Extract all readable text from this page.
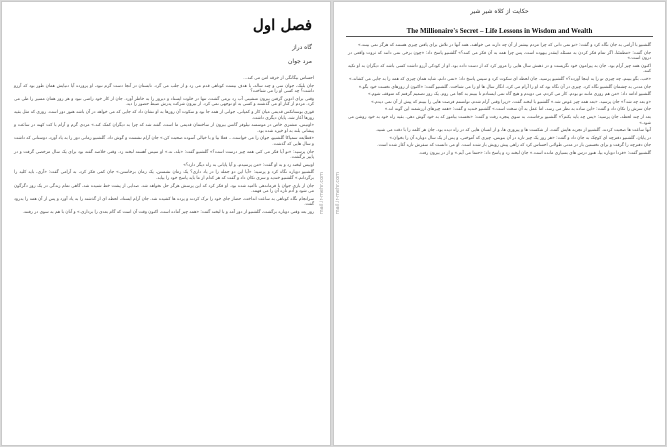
mail.ir-mehr.com
فصل اول
گاه دراز
مرد جوان

احساس بیگانگی از خرقه امن می کند...

جان بلیک، جوان سی و چند ساله، با هدف بیست کوتاهی قدم می زد و از جلب می گرد. تابستان در آنجا دست گرم نبود، او پرورده آیا دنیایش همان طور بود که آرزو داشت؟ چه کسی او را می شناخت؟

وقتی برای ادوین گرفتن بیرون منشینی آب رد برمی گشت، تنها در خلوت ایستاد و دیروز را به خاطر آورد. جان از کار خود راضی نبود و هر روز همان مسیر را طی می کرد. مردم از کنار او می گذشتند و کسی به او توجهی نمی کرد. از بیرون شرکت پدرش ضبط حضور را دید.

قوری بوستانکس قدیمی میان کار و کمپانی، جوانی از همه جا بود و سکوت آن روزها به او نشان داد که جایی که می خواهد در آن باشد هنوز دور است. روزی که مثل بقیه روزها آغاز شد، پایان دیگری داشت.

«اونیس، مشتری خاص در موسسه نیلوفر گانس بیرون از ساختمان قدیمی ما است، گفته شد که چرا به دیگران کمک کند.» مردی گرم و آرام با کت کهنه در ساعت و پیشانی بلند به او خیره شده بود.

«قطایعه سمپاکا گلشنیو، جوان را می خواست... فعلا بیا و با خیالی آسوده صحبت کن.» جان آرام نشست و گوش داد. گلشنیو زمانی دور را به یاد آورد، دوستانی که داشت و سال هایی که گذشت.

جان پرسید: «تو آیا فکر می کنی همه چیز درست است؟» گلشنیو گفت: «بله، نه.» او سپس آهسته لبخند زد. وقتی خلاصه گفته بود برای یک سال مرخصی گرفت و در پاییز برگشت.

اونیس لبخند زد و به او گفت: «من پرسیدم، و آیا پایانی به راه دیگر دارد؟»

گلشنیو دوباره نگاه کرد و پرسید: «آیا این دو جمله را در یاد داری؟ یک زمان نشستن، یک زمان برخاستن.» جان کمی فکر کرد، به آرامی گفت: «آری، باید کلید را برگردانم.» گلشنیو خندید و سری تکان داد و گفت که هر کدام از ما باید پاسخ خود را بیابد.

جان از بازی جوان با فرماندهی ناامید شده بود. او فکر کرد که این پرسش هرگز حل نخواهد شد. صدایی از پشت خط شنیده شد، گاهی تمام زندگی در یک روز دگرگون می شود و آدم تازه آن را می فهمد.

سرانجام نگاه کوتاهی به ساعت انداخت، حضار جای خود را ترک کردند و پرده ها کشیده شد. جان آرام ایستاد، لحظه ای از گذشته را به یاد آورد و پس از آن همه را بدرود گفت.

روز بعد وقتی دوباره برگشت، گلشنیو از دور آمد و با لبخند گفت: «همه چیز آماده است، اکنون وقت آن است که گام بعدی را برداری.» و آنان با هم به سوی در رفتند.	mail.ir-mehr.com
حکایت از کلاه شیر شیر
The Millionaire's Secret – Life Lessons in Wisdom and Wealth

گلشنیو با آرامی به جان نگاه کرد و گفت: «تو نمی دانی که چرا مردم بیشتر از آن چه دارند می خواهند، همه آنها در تلاش برای یافتن چیزی هستند که هرگز نمی بینند.»

جان گفت: «مطمئنا، اگر تمام فکر کردن به مسئله اینقدر بیهوده است، پس چرا همه به آن فکر می کنند؟» گلشنیو پاسخ داد: «چون برخی نمی دانند که ثروت واقعی در درون است.»

اکنون همه چیز آرام بود. جان به پیرامون خود نگریست و در ذهنش سال هایی را مرور کرد که از دست داده بود. او از کودکی آرزو داشت کسی باشد که دیگران به او تکیه کنند.

«خب، بگو ببینم، چه چیزی تو را به اینجا آورده؟» گلشنیو پرسید. جان لحظه ای سکوت کرد و سپس پاسخ داد: «نمی دانم، شاید همان چیزی که همه را به جایی می کشاند.»

جان مدتی به چشمان گلشنیو نگاه کرد. چیزی در آن نگاه بود که او را آرام می کرد، انگار سال ها او را می شناخت. گلشنیو گفت: «اکنون از روزهای نخست خود بگو.»

گلشنیو ادامه داد: «من هم روزی مانند تو بودم. کار می کردم، می دویدم و هیچ گاه نمی ایستادم تا ببینم به کجا می روم. یک روز تصمیم گرفتم که متوقف شوم.»

«و بعد چه شد؟» جان پرسید. «بعد همه چیز عوض شد.» گلشنیو با لبخند گفت، «زیرا وقتی آرام شدم، توانستم فرصت هایی را ببینم که پیش از آن نمی دیدم.»

جان سرش را تکان داد و گفت: «این ساده به نظر می رسد، اما عمل به آن سخت است.» گلشنیو خندید و گفت: «همه چیزهای ارزشمند این گونه اند.»

بعد از چند لحظه، جان پرسید: «پس چه باید بکنم؟» گلشنیو برخاست، به سوی پنجره رفت و گفت: «نخست بیاموز که به خود گوش دهی. بقیه راه خود به خود روشن می شود.»

آنها ساعت ها صحبت کردند. گلشنیو از تجربه هایش گفت، از شکست ها و پیروزی ها، و از انسان هایی که در راه دیده بود. جان هر کلمه را با دقت می شنید.

در پایان، گلشنیو دفترچه ای کوچک به جان داد و گفت: «هر روز یک چیز تازه در آن بنویس، چیزی که آموختی، و پس از یک سال دوباره آن را بخوان.»

جان دفترچه را گرفت و برای نخستین بار در مدتی طولانی احساس کرد که راهی پیش رویش باز شده است. او می دانست که سفرش تازه آغاز شده است.

گلشنیو گفت: «فردا دوباره بیا، هنوز درس های بسیاری مانده است.» جان لبخند زد و پاسخ داد: «حتما می آیم.» و از در بیرون رفت.
